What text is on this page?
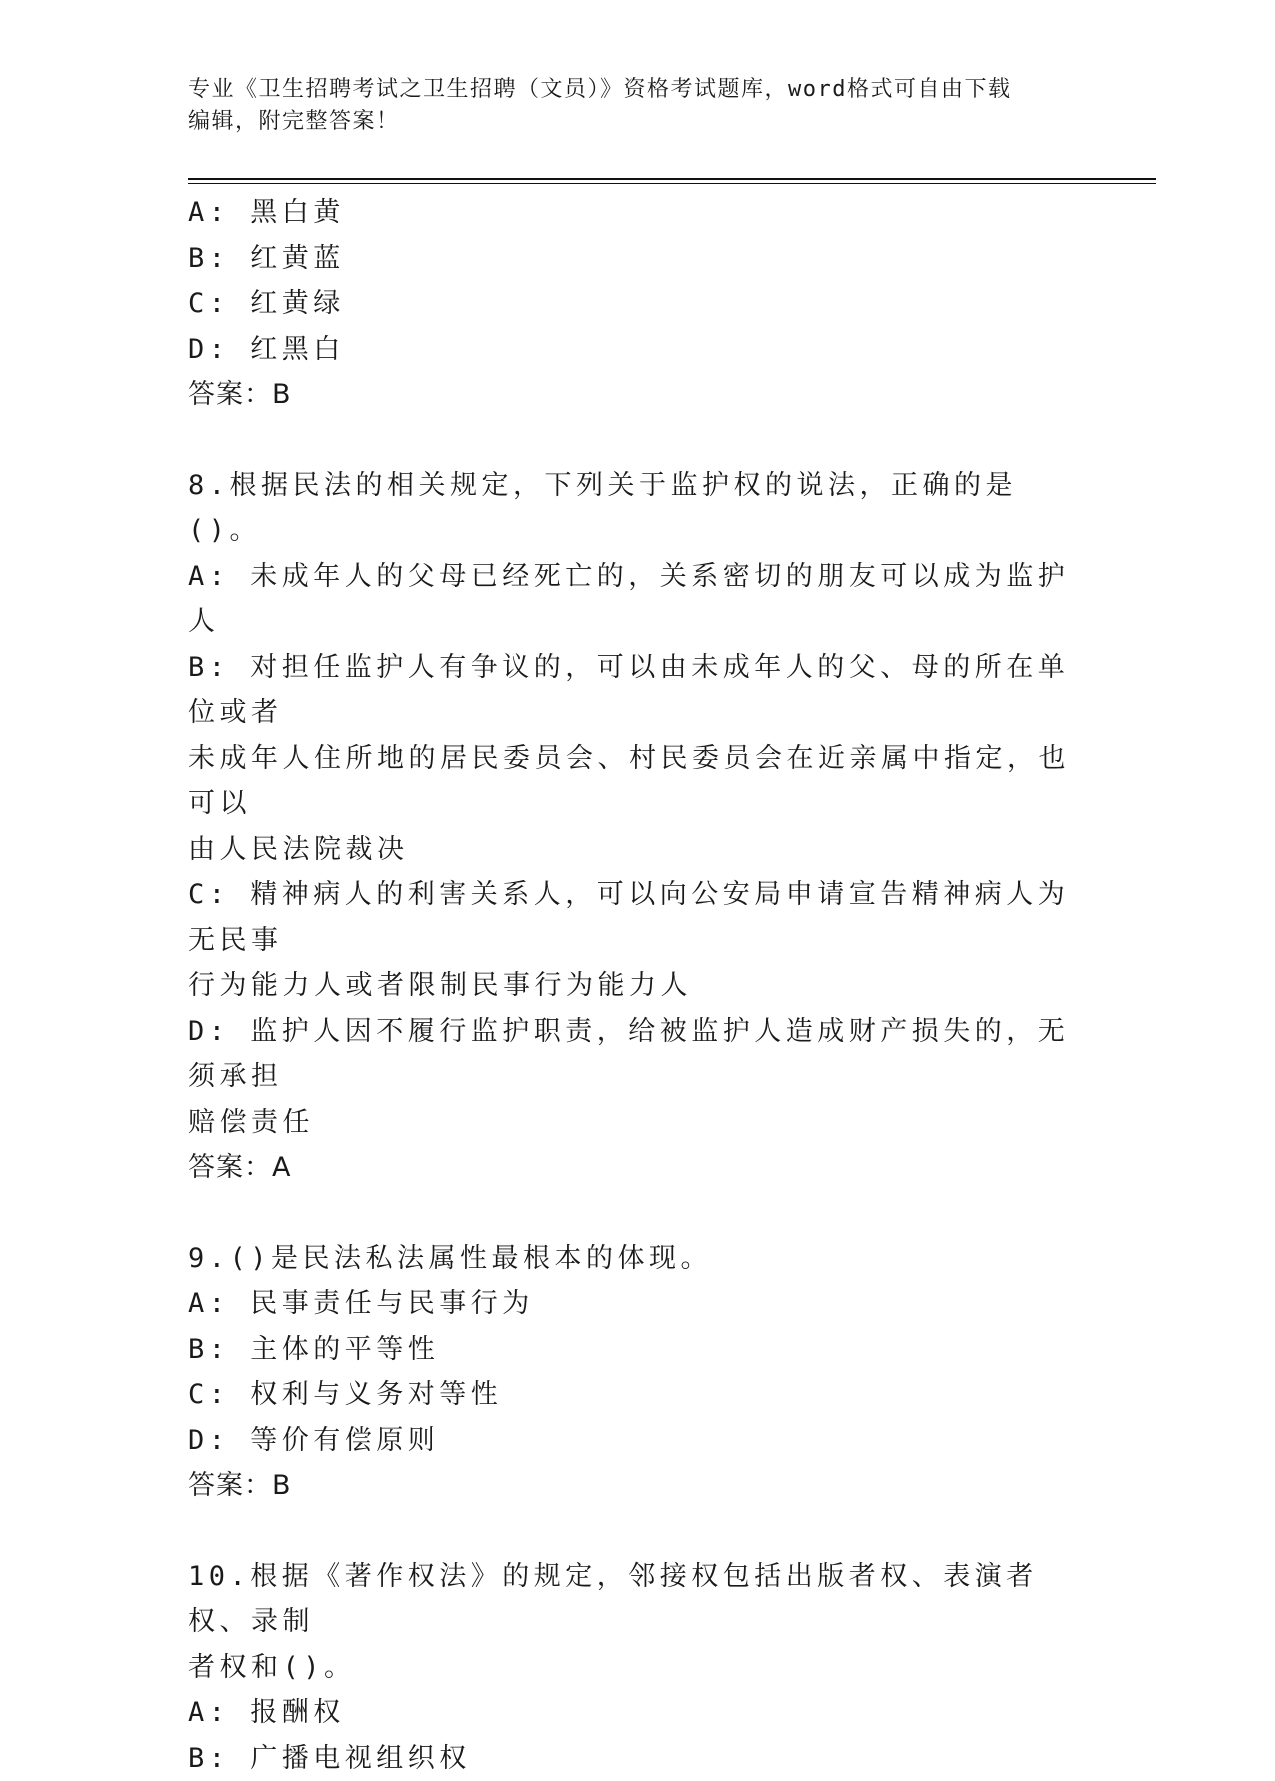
专业《卫生招聘考试之卫生招聘（文员）》资格考试题库，word格式可自由下载
编辑，附完整答案！
A: 黑白黄
B: 红黄蓝
C: 红黄绿
D: 红黑白
答案：B
8.根据民法的相关规定，下列关于监护权的说法，正确的是()。
A: 未成年人的父母已经死亡的，关系密切的朋友可以成为监护人
B: 对担任监护人有争议的，可以由未成年人的父、母的所在单位或者
未成年人住所地的居民委员会、村民委员会在近亲属中指定，也可以
由人民法院裁决
C: 精神病人的利害关系人，可以向公安局申请宣告精神病人为无民事
行为能力人或者限制民事行为能力人
D: 监护人因不履行监护职责，给被监护人造成财产损失的，无须承担
赔偿责任
答案：A
9.()是民法私法属性最根本的体现。
A: 民事责任与民事行为
B: 主体的平等性
C: 权利与义务对等性
D: 等价有偿原则
答案：B
10.根据《著作权法》的规定，邻接权包括出版者权、表演者权、录制
者权和()。
A: 报酬权
B: 广播电视组织权
